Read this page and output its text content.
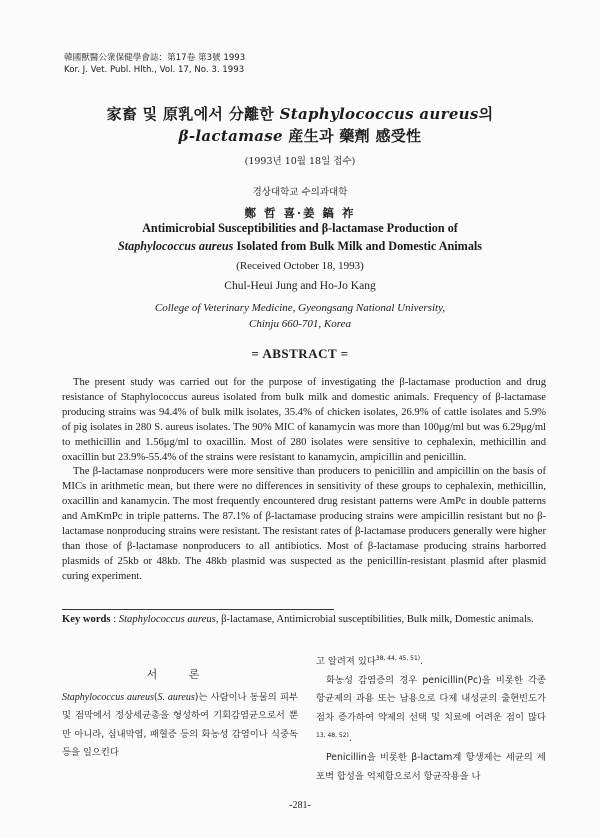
韓國獸醫公衆保健學會誌：第17卷 第3號 1993
Kor. J. Vet. Publ. Hlth., Vol. 17, No. 3. 1993
家畜 및 原乳에서 分離한 Staphylococcus aureus의
β-lactamase 産生과 藥劑 感受性
(1993년 10월 18일 접수)
경상대학교 수의과대학
鄭 哲 喜·姜 鎬 祚
Antimicrobial Susceptibilities and β-lactamase Production of
Staphylococcus aureus Isolated from Bulk Milk and Domestic Animals
(Received October 18, 1993)
Chul-Heui Jung and Ho-Jo Kang
College of Veterinary Medicine, Gyeongsang National University,
Chinju 660-701, Korea
= ABSTRACT =

The present study was carried out for the purpose of investigating the β-lactamase production and drug resistance of Staphylococcus aureus isolated from bulk milk and domestic animals. Frequency of β-lactamase producing strains was 94.4% of bulk milk isolates, 35.4% of chicken isolates, 26.9% of cattle isolates and 5.9% of pig isolates in 280 S. aureus isolates. The 90% MIC of kanamycin was more than 100μg/ml but was 6.29μg/ml to methicillin and 1.56μg/ml to oxacillin. Most of 280 isolates were sensitive to cephalexin, methicillin and oxacillin but 23.9%-55.4% of the strains were resistant to kanamycin, ampicillin and penicillin.

The β-lactamase nonproducers were more sensitive than producers to penicillin and ampicillin on the basis of MICs in arithmetic mean, but there were no differences in sensitivity of these groups to cephalexin, methicillin, oxacillin and kanamycin. The most frequently encountered drug resistant patterns were AmPc in double patterns and AmKmPc in triple patterns. The 87.1% of β-lactamase producing strains were ampicillin resistant but no β-lactamase nonproducing strains were resistant. The resistant rates of β-lactamase producers generally were higher than those of β-lactamase nonproducers to all antibiotics. Most of β-lactamase producing strains harborred plasmids of 25kb or 48kb. The 48kb plasmid was suspected as the penicillin-resistant plasmid after plasmid curing experiment.

Key words : Staphylococcus aureus, β-lactamase, Antimicrobial susceptibilities, Bulk milk, Domestic animals.
서 론

Staphylococcus aureus(S. aureus)는 사람이나 동물의 피부 및 점막에서 정상세균총을 형성하여 기회감염균으로서 뿐만 아니라, 심내막염, 패혈증 등의 화농성 감염이나 식중독 등을 일으킨다

고 알려져 있다$^{38, 44, 45, 51)}$.

화농성 감염증의 경우 penicillin(Pc)을 비롯한 각종 항균제의 과용 또는 남용으로 다제 내성균의 출현빈도가 점차 증가하여 약제의 선택 및 치료에 어려운 점이 많다$^{13, 48, 52)}$.

Penicillin을 비롯한 β-lactam계 항생제는 세균의 세포벽 합성을 억제함으로서 항균작용을 나

-281-
